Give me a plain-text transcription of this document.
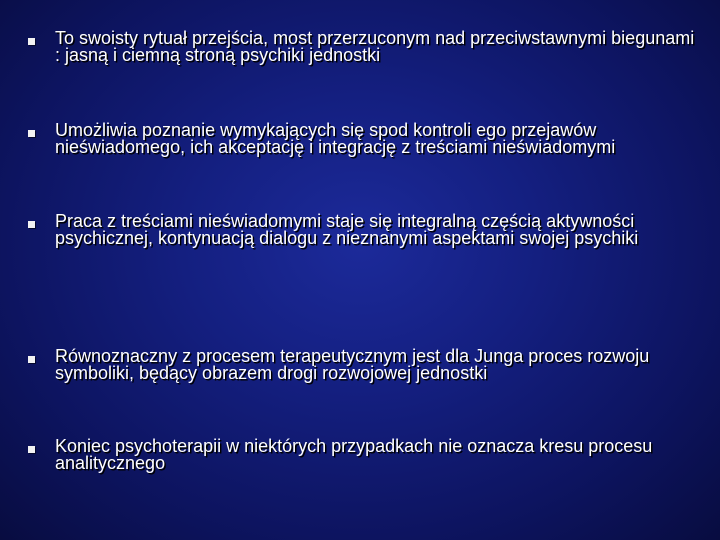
To swoisty rytuał przejścia, most przerzuconym nad przeciwstawnymi biegunami : jasną i ciemną stroną psychiki jednostki
Umożliwia poznanie wymykających się spod kontroli ego przejawów nieświadomego, ich akceptację i integrację z treściami nieświadomymi
Praca z treściami nieświadomymi staje się integralną częścią aktywności psychicznej, kontynuacją dialogu z nieznanymi aspektami swojej psychiki
Równoznaczny z procesem terapeutycznym jest dla Junga proces rozwoju symboliki, będący obrazem drogi rozwojowej jednostki
Koniec psychoterapii w niektórych przypadkach nie oznacza kresu procesu analitycznego
